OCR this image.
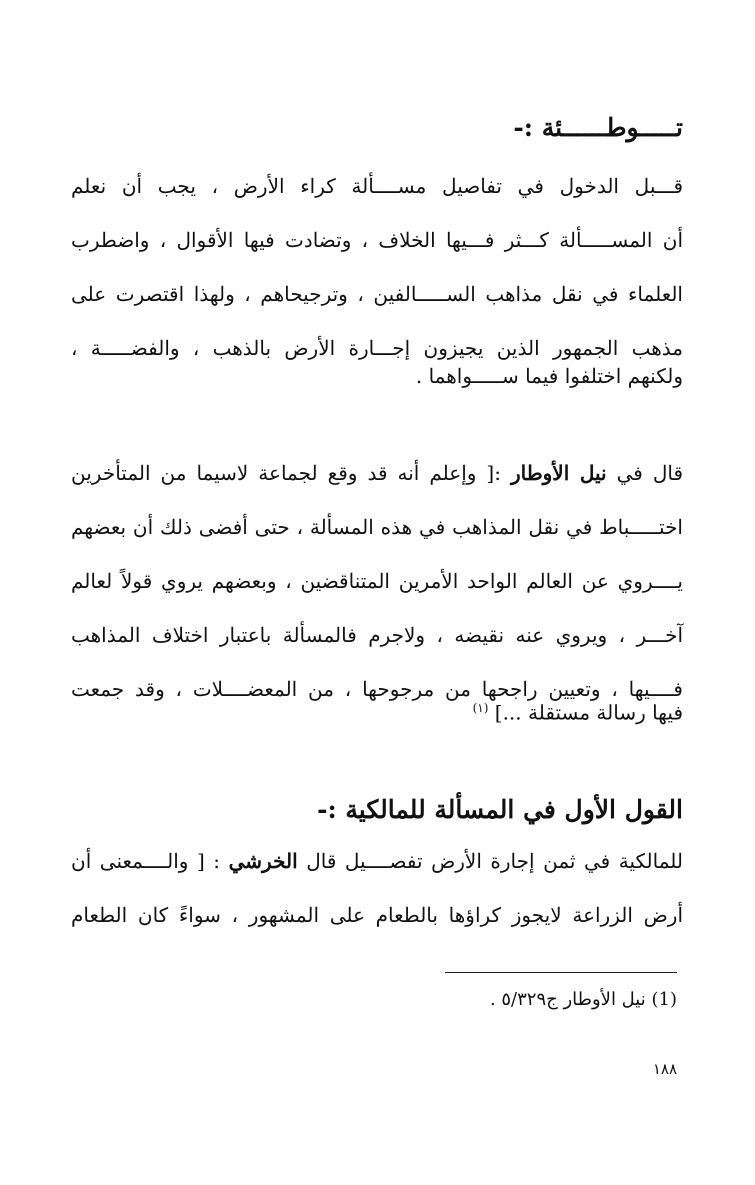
تـــــوطــــــئة :-
قـــبل الدخول في تفاصيل مســــألة كراء الأرض ، يجب أن نعلم
أن المســـــألة كـــثر فـــيها الخلاف ، وتضادت فيها الأقوال ، واضطرب
العلماء في نقل مذاهب الســـــالفين ، وترجيحاهم ، ولهذا اقتصرت على
مذهب الجمهور الذين يجيزون إجـــارة الأرض بالذهب ، والفضـــــة ،
ولكنهم اختلفوا فيما ســـــواهما .
قال في نيل الأوطار :[ وإعلم أنه قد وقع لجماعة لاسيما من المتأخرين
اختـــــباط في نقل المذاهب في هذه المسألة ، حتى أفضى ذلك أن بعضهم
يــــروي عن العالم الواحد الأمرين المتناقضين ، وبعضهم يروي قولاً لعالم
آخـــر ، ويروي عنه نقيضه ، ولاجرم فالمسألة باعتبار اختلاف المذاهب
فــــيها ، وتعيين راجحها من مرجوحها ، من المعضــــلات ، وقد جمعت
فيها رسالة مستقلة ...] $^{(١)}$
القول الأول في المسألة للمالكية :-
للمالكية في ثمن إجارة الأرض تفصــــيل قال الخرشي : [ والــــمعنى أن
أرض الزراعة لايجوز كراؤها بالطعام على المشهور ، سواءً كان الطعام
(1) نيل الأوطار ج٥/٣٢٩ .
١٨٨
